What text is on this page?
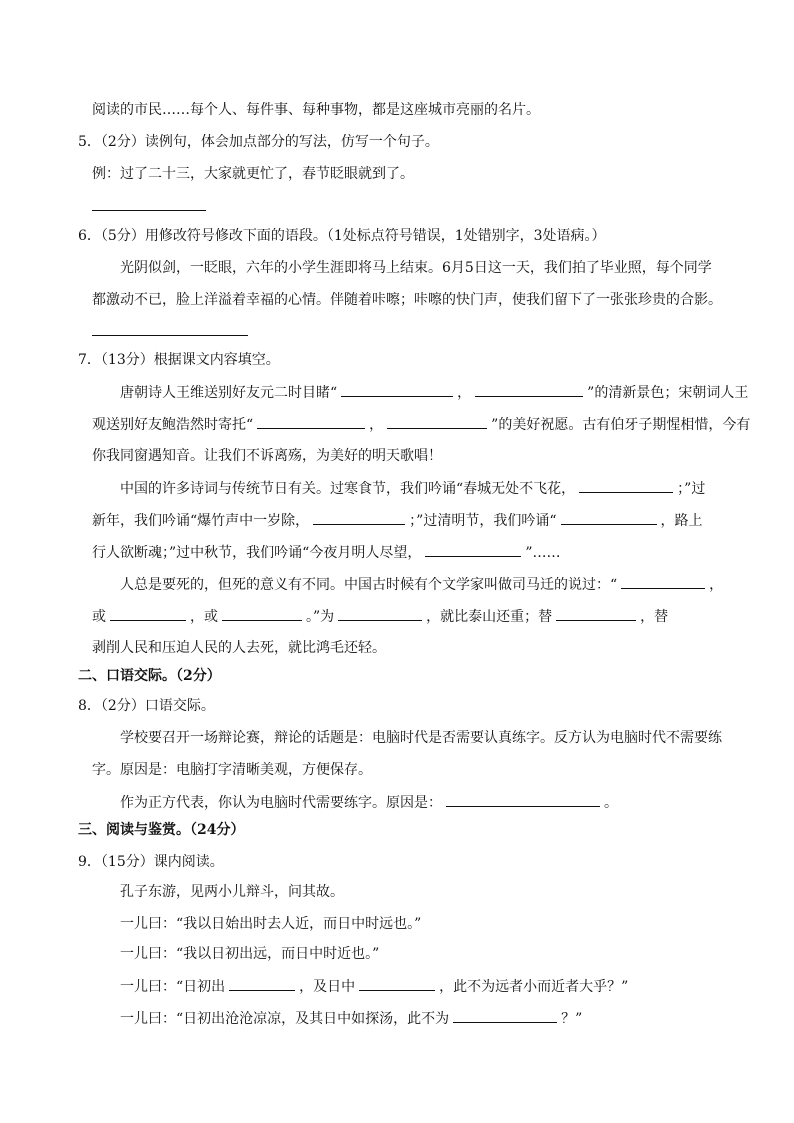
阅读的市民……每个人、每件事、每种事物，都是这座城市亮丽的名片。
5．（2分）读例句，体会加点部分的写法，仿写一个句子。
例：过了二十三，大家就更忙了，春节眨眼就到了。
6．（5分）用修改符号修改下面的语段。（1处标点符号错误，1处错别字，3处语病。）
光阴似剑，一眨眼，六年的小学生涯即将马上结束。6月5日这一天，我们拍了毕业照，每个同学
都激动不已，脸上洋溢着幸福的心情。伴随着咔嚓；咔嚓的快门声，使我们留下了一张张珍贵的合影。
7．（13分）根据课文内容填空。
唐朝诗人王维送别好友元二时目睹“	，	”的清新景色；宋朝词人王
观送别好友鲍浩然时寄托“	，	”的美好祝愿。古有伯牙子期惺相惜，今有
你我同窗遇知音。让我们不诉离殇，为美好的明天歌唱！
中国的许多诗词与传统节日有关。过寒食节，我们吟诵“春城无处不飞花，	；”过
新年，我们吟诵“爆竹声中一岁除，	；”过清明节，我们吟诵“	，路上
行人欲断魂；”过中秋节，我们吟诵“今夜月明人尽望，	”……
人总是要死的，但死的意义有不同。中国古时候有个文学家叫做司马迁的说过：“	，
或	，或	。”为	，就比泰山还重；替	，替
剥削人民和压迫人民的人去死，就比鸿毛还轻。
二、口语交际。（2分）
8．（2分）口语交际。
学校要召开一场辩论赛，辩论的话题是：电脑时代是否需要认真练字。反方认为电脑时代不需要练
字。原因是：电脑打字清晰美观，方便保存。
作为正方代表，你认为电脑时代需要练字。原因是：	。
三、阅读与鉴赏。（24分）
9．（15分）课内阅读。
孔子东游，见两小儿辩斗，问其故。
一儿曰：“我以日始出时去人近，而日中时远也。”
一儿曰：“我以日初出远，而日中时近也。”
一儿曰：“日初出	，及日中	，此不为远者小而近者大乎？”
一儿曰：“日初出沧沧凉凉，及其日中如探汤，此不为	？”
